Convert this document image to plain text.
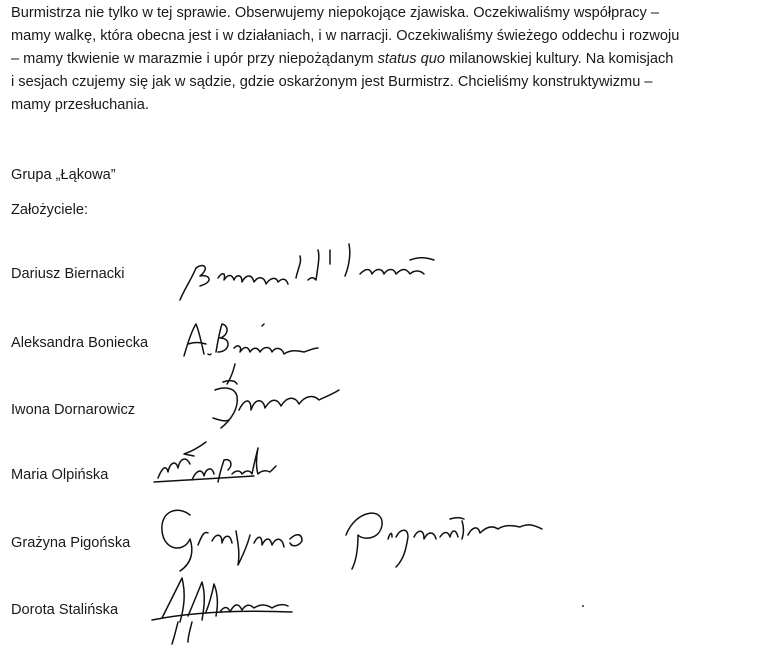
Burmistrza nie tylko w tej sprawie. Obserwujemy niepokojące zjawiska. Oczekiwaliśmy współpracy –
mamy walkę, która obecna jest i w działaniach, i w narracji. Oczekiwaliśmy świeżego oddechu i rozwoju
– mamy tkwienie w marazmie i upór przy niepożądanym status quo milanowskiej kultury. Na komisjach
i sesjach czujemy się jak w sądzie, gdzie oskarżonym jest Burmistrz. Chcieliśmy konstruktywizmu –
mamy przesłuchania.

Grupa „Łąkowa”

Założyciele:

Dariusz Biernacki

Aleksandra Boniecka

Iwona Dornarowicz

Maria Olpińska

Grażyna Pigońska

Dorota Stalińska
